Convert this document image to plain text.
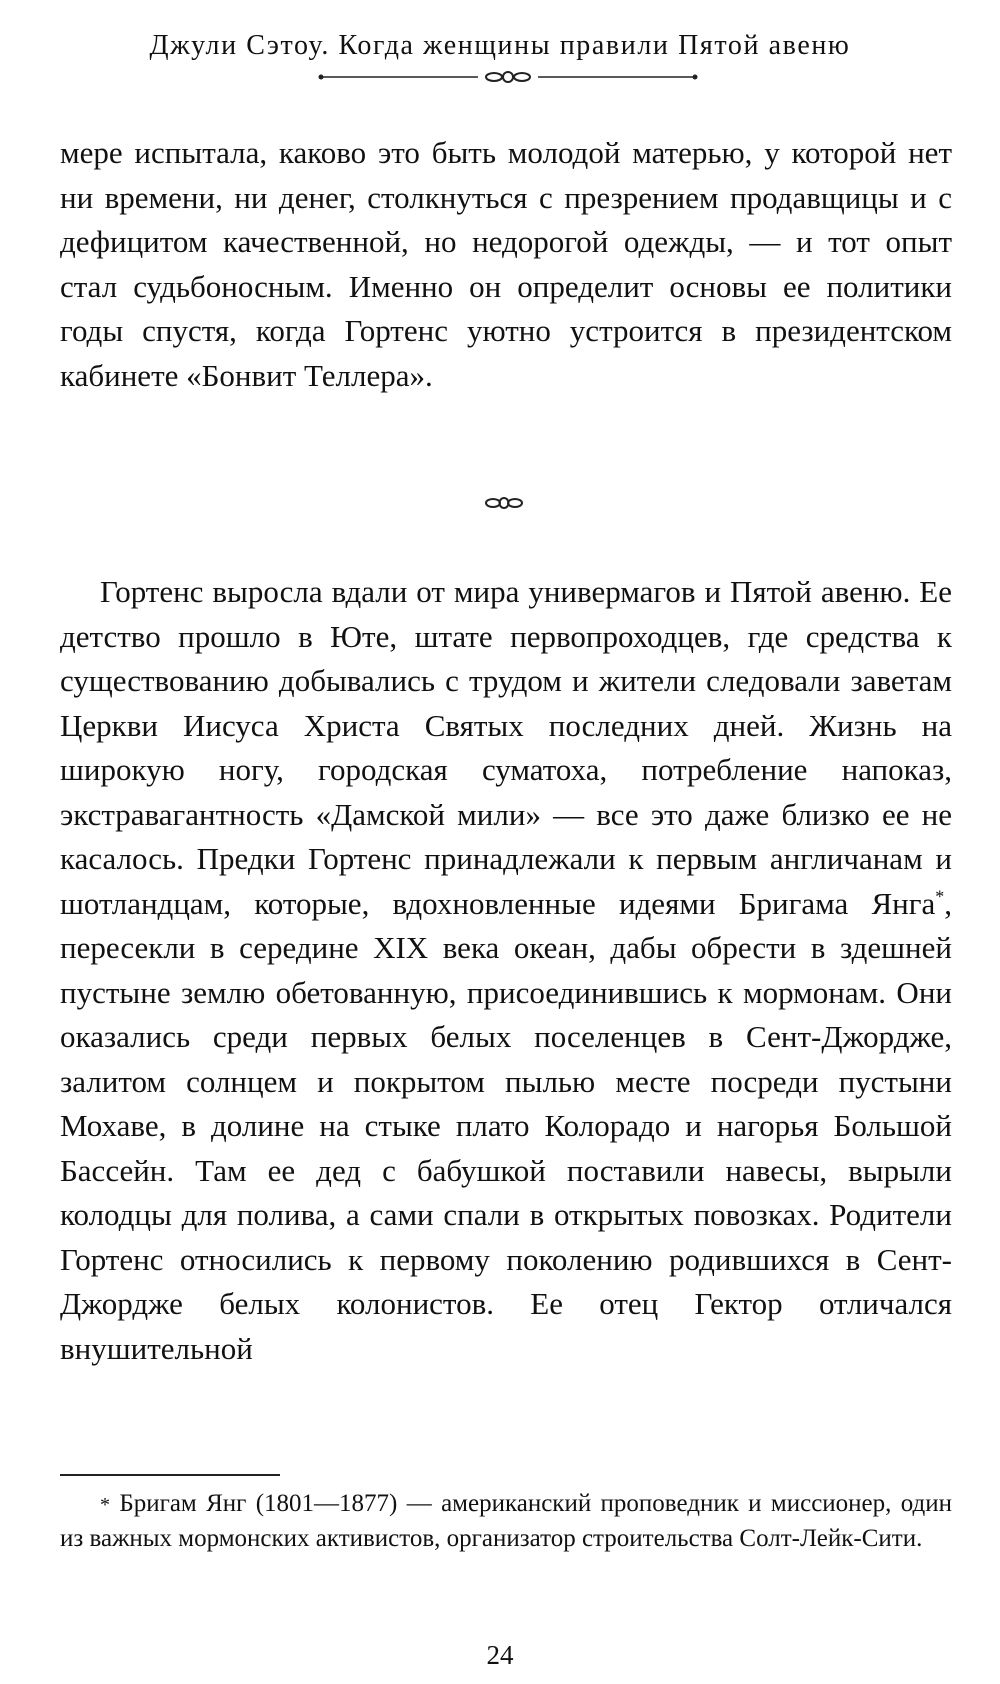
Джули Сэтоу. Когда женщины правили Пятой авеню

мере испытала, каково это быть молодой матерью, у которой нет ни времени, ни денег, столкнуться с презрением продавщицы и с дефицитом качественной, но недорогой одежды, — и тот опыт стал судьбоносным. Именно он определит основы ее политики годы спустя, когда Гортенс уютно устроится в президентском кабинете «Бонвит Теллера».

Гортенс выросла вдали от мира универмагов и Пятой авеню. Ее детство прошло в Юте, штате первопроходцев, где средства к существованию добывались с трудом и жители следовали заветам Церкви Иисуса Христа Святых последних дней. Жизнь на широкую ногу, городская суматоха, потребление напоказ, экстравагантность «Дамской мили» — все это даже близко ее не касалось. Предки Гортенс принадлежали к первым англичанам и шотландцам, которые, вдохновленные идеями Бригама Янга*, пересекли в середине XIX века океан, дабы обрести в здешней пустыне землю обетованную, присоединившись к мормонам. Они оказались среди первых белых поселенцев в Сент-Джордже, залитом солнцем и покрытом пылью месте посреди пустыни Мохаве, в долине на стыке плато Колорадо и нагорья Большой Бассейн. Там ее дед с бабушкой поставили навесы, вырыли колодцы для полива, а сами спали в открытых повозках. Родители Гортенс относились к первому поколению родившихся в Сент-Джордже белых колонистов. Ее отец Гектор отличался внушительной

* Бригам Янг (1801—1877) — американский проповедник и миссионер, один из важных мормонских активистов, организатор строительства Солт-Лейк-Сити.

24
